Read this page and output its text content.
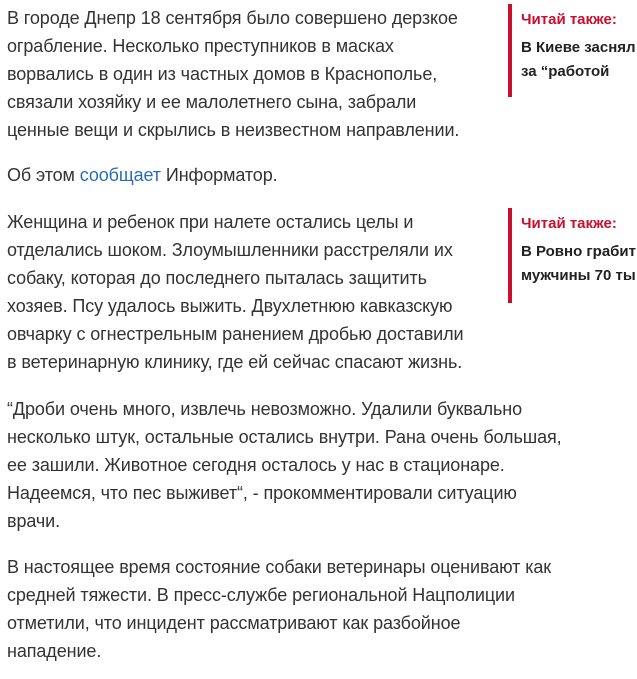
В городе Днепр 18 сентября было совершено дерзкое
ограбление. Несколько преступников в масках
ворвались в один из частных домов в Краснополье,
связали хозяйку и ее малолетнего сына, забрали
ценные вещи и скрылись в неизвестном направлении.

Об этом сообщает Информатор.

Женщина и ребенок при налете остались целы и
отделались шоком. Злоумышленники расстреляли их
собаку, которая до последнего пыталась защитить
хозяев. Псу удалось выжить. Двухлетнюю кавказскую
овчарку с огнестрельным ранением дробью доставили
в ветеринарную клинику, где ей сейчас спасают жизнь.

“Дроби очень много, извлечь невозможно. Удалили буквально
несколько штук, остальные остались внутри. Рана очень большая,
ее зашили. Животное сегодня осталось у нас в стационаре.
Надеемся, что пес выживет“, - прокомментировали ситуацию
врачи.

В настоящее время состояние собаки ветеринары оценивают как
средней тяжести. В пресс-службе региональной Нацполиции
отметили, что инцидент рассматривают как разбойное
нападение.

Читай также:
В Киеве заснял
за “работой
Читай также:
В Ровно грабит
мужчины 70 ты
